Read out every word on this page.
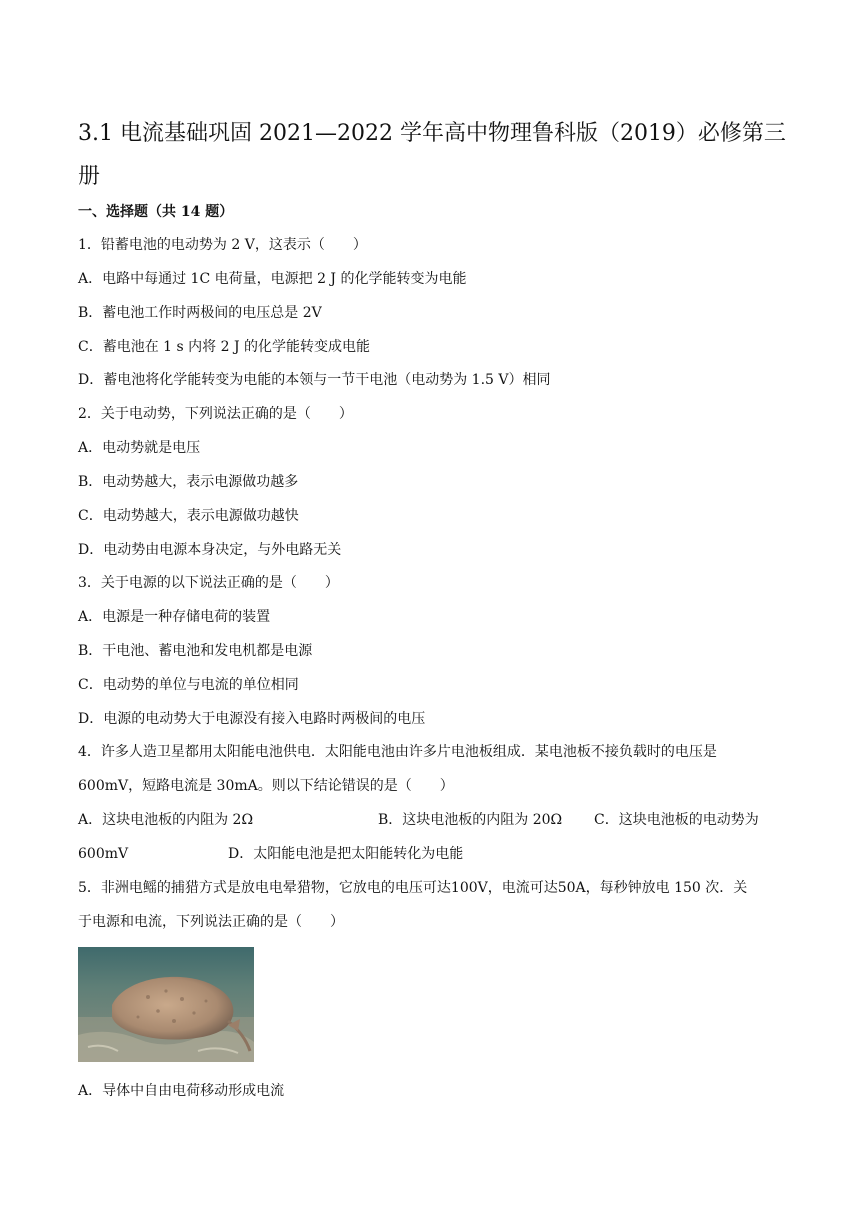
3.1 电流基础巩固 2021—2022 学年高中物理鲁科版（2019）必修第三册
一、选择题（共 14 题）
1．铅蓄电池的电动势为 2 V，这表示（　　）
A．电路中每通过 1C 电荷量，电源把 2 J 的化学能转变为电能
B．蓄电池工作时两极间的电压总是 2V
C．蓄电池在 1 s 内将 2 J 的化学能转变成电能
D．蓄电池将化学能转变为电能的本领与一节干电池（电动势为 1.5 V）相同
2．关于电动势，下列说法正确的是（　　）
A．电动势就是电压
B．电动势越大，表示电源做功越多
C．电动势越大，表示电源做功越快
D．电动势由电源本身决定，与外电路无关
3．关于电源的以下说法正确的是（　　）
A．电源是一种存储电荷的装置
B．干电池、蓄电池和发电机都是电源
C．电动势的单位与电流的单位相同
D．电源的电动势大于电源没有接入电路时两极间的电压
4．许多人造卫星都用太阳能电池供电．太阳能电池由许多片电池板组成．某电池板不接负载时的电压是
600mV，短路电流是 30mA。则以下结论错误的是（　　）
A．这块电池板的内阻为 2Ω	B．这块电池板的内阻为 20Ω C．这块电池板的电动势为
600mV	D．太阳能电池是把太阳能转化为电能
5．非洲电鳐的捕猎方式是放电电晕猎物，它放电的电压可达100V，电流可达50A，每秒钟放电 150 次．关
于电源和电流，下列说法正确的是（　　）
A．导体中自由电荷移动形成电流
